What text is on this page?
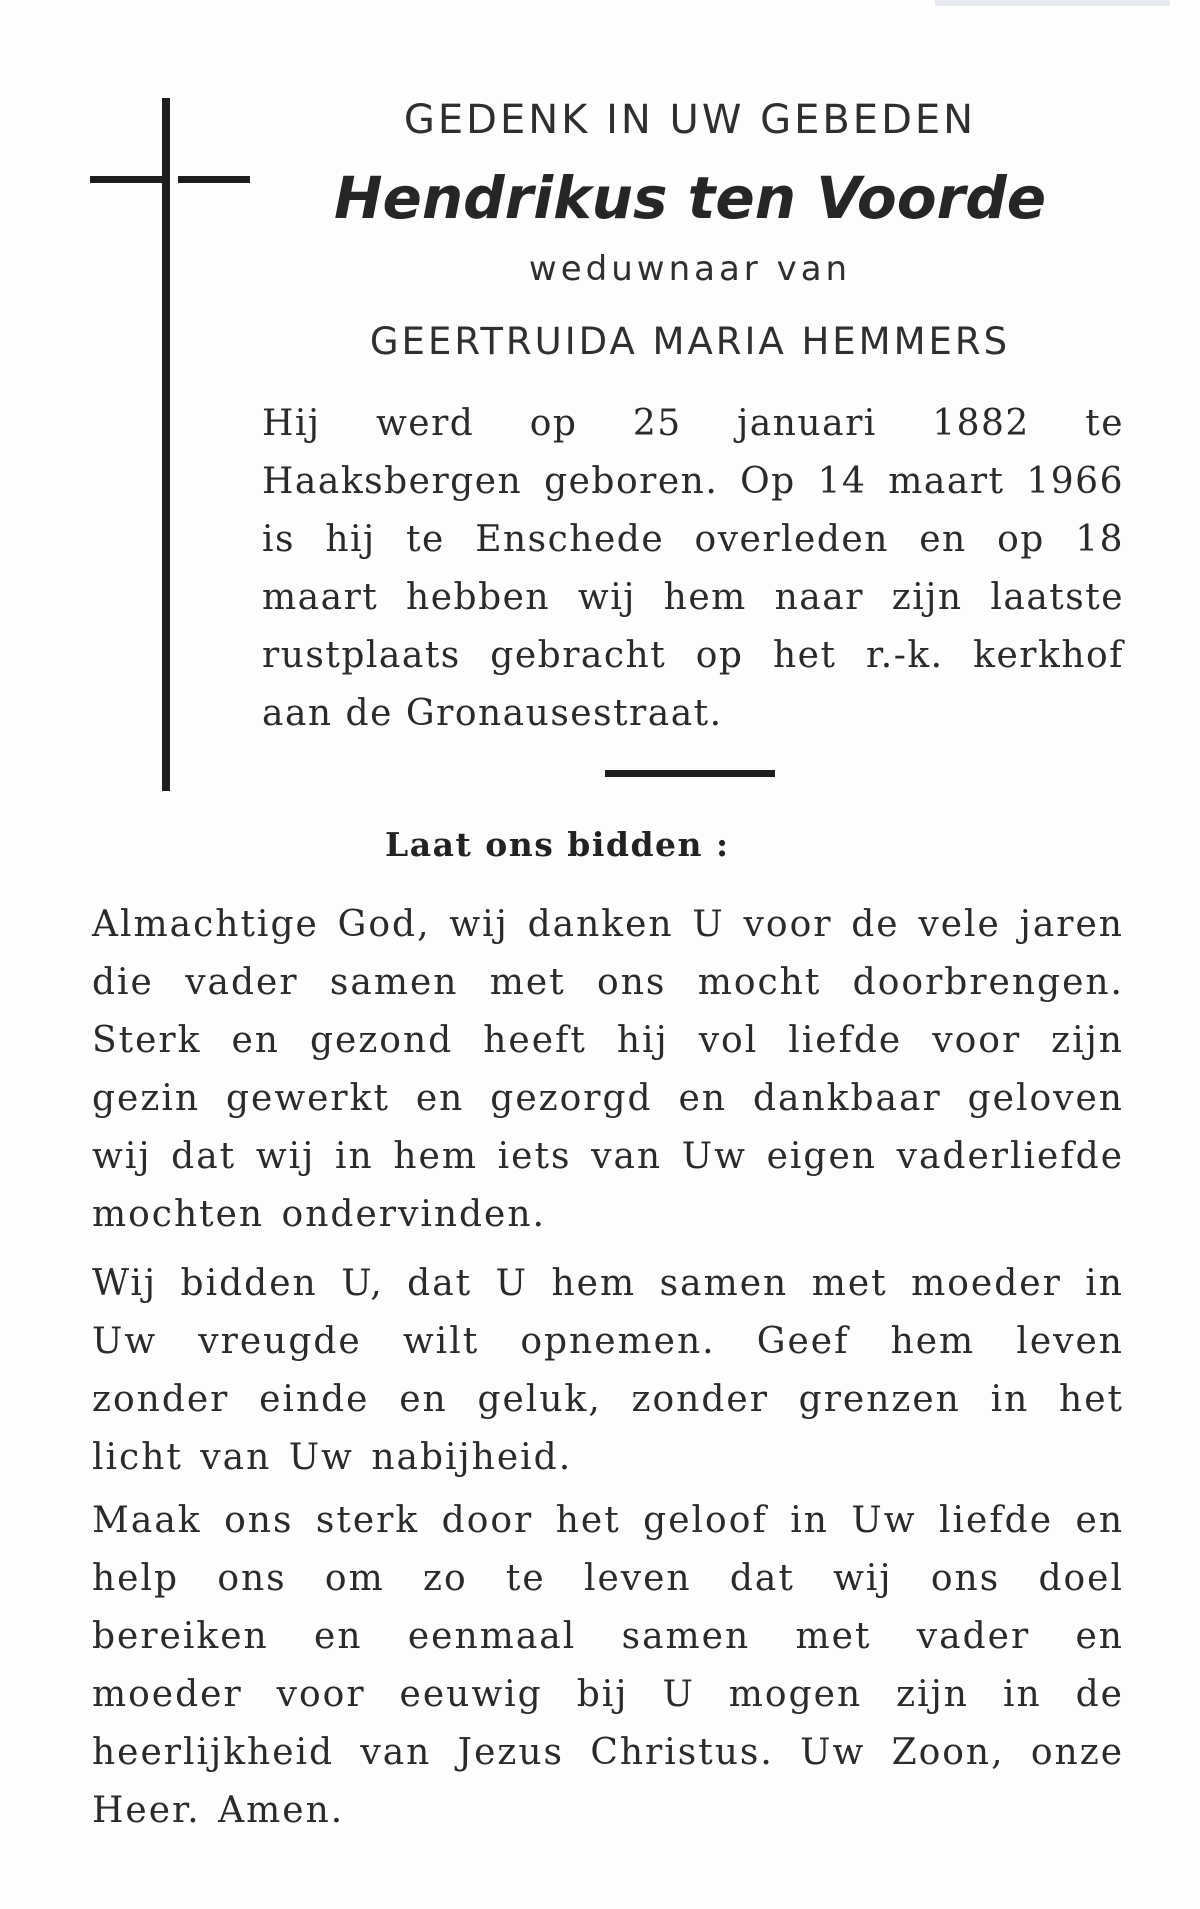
GEDENK IN UW GEBEDEN

Hendrikus ten Voorde

weduwnaar van

GEERTRUIDA MARIA HEMMERS

Hij werd op 25 januari 1882 te Haaksbergen geboren. Op 14 maart 1966 is hij te Enschede overleden en op 18 maart hebben wij hem naar zijn laatste rustplaats gebracht op het r.-k. kerkhof aan de Gronausestraat.

Laat ons bidden :

Almachtige God, wij danken U voor de vele jaren die vader samen met ons mocht doorbrengen. Sterk en gezond heeft hij vol liefde voor zijn gezin gewerkt en gezorgd en dankbaar geloven wij dat wij in hem iets van Uw eigen vaderliefde mochten ondervinden.

Wij bidden U, dat U hem samen met moeder in Uw vreugde wilt opnemen. Geef hem leven zonder einde en geluk, zonder grenzen in het licht van Uw nabijheid.

Maak ons sterk door het geloof in Uw liefde en help ons om zo te leven dat wij ons doel bereiken en eenmaal samen met vader en moeder voor eeuwig bij U mogen zijn in de heerlijkheid van Jezus Christus. Uw Zoon, onze Heer. Amen.
